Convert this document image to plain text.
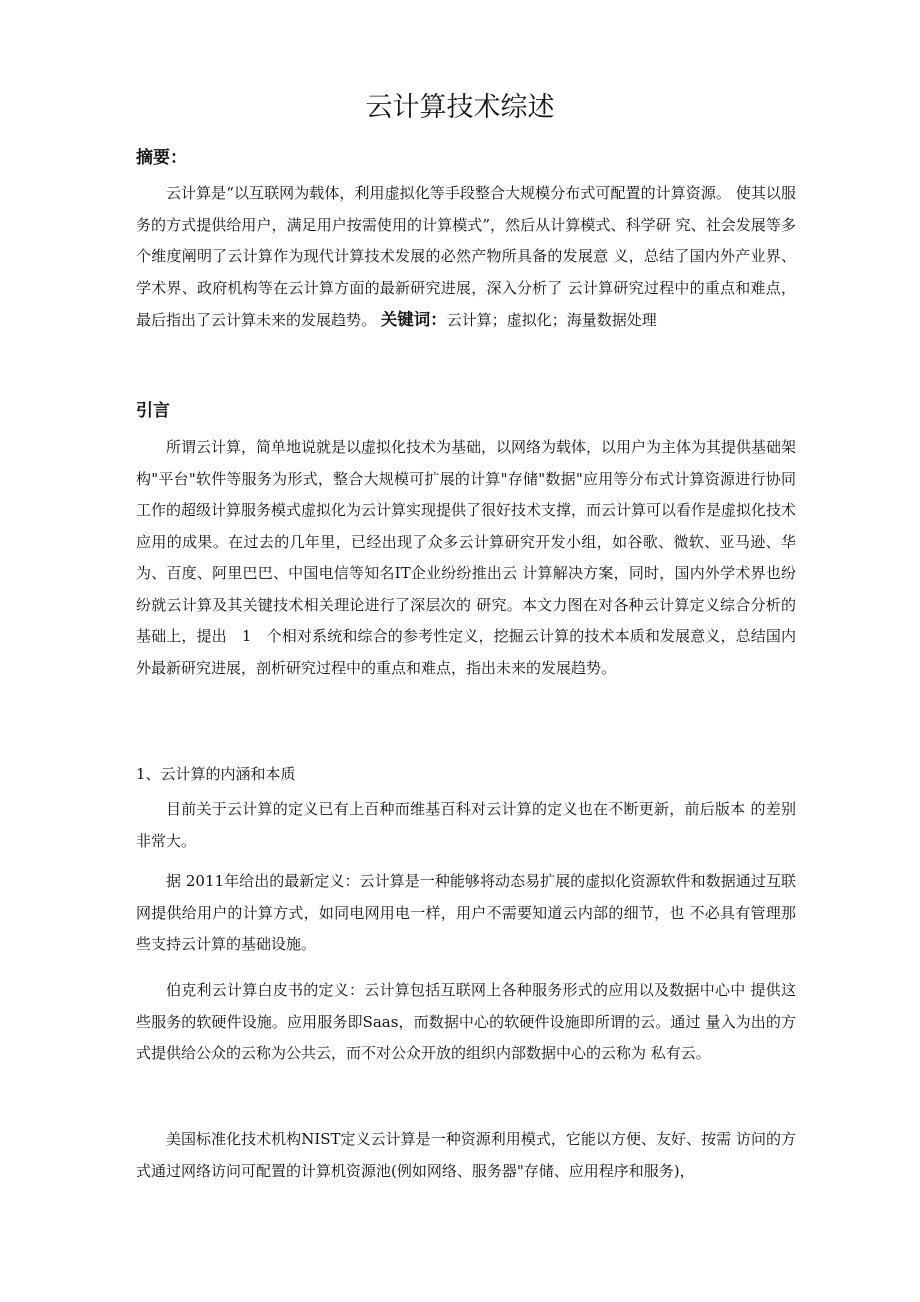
云计算技术综述
摘要：
云计算是“以互联网为载体，利用虚拟化等手段整合大规模分布式可配置的计算资源。 使其以服务的方式提供给用户，满足用户按需使用的计算模式”，然后从计算模式、科学研 究、社会发展等多个维度阐明了云计算作为现代计算技术发展的必然产物所具备的发展意 义，总结了国内外产业界、学术界、政府机构等在云计算方面的最新研究进展，深入分析了 云计算研究过程中的重点和难点，最后指出了云计算未来的发展趋势。 关键词：云计算；虚拟化；海量数据处理
引言
所谓云计算，简单地说就是以虚拟化技术为基础，以网络为载体，以用户为主体为其提供基础架构"平台"软件等服务为形式，整合大规模可扩展的计算"存储"数据"应用等分布式计算资源进行协同工作的超级计算服务模式虚拟化为云计算实现提供了很好技术支撑，而云计算可以看作是虚拟化技术应用的成果。在过去的几年里，已经出现了众多云计算研究开发小组，如谷歌、微软、亚马逊、华为、百度、阿里巴巴、中国电信等知名IT企业纷纷推出云 计算解决方案，同时，国内外学术界也纷纷就云计算及其关键技术相关理论进行了深层次的 研究。本文力图在对各种云计算定义综合分析的基础上，提出　1　个相对系统和综合的参考性定义，挖掘云计算的技术本质和发展意义，总结国内外最新研究进展，剖析研究过程中的重点和难点，指出未来的发展趋势。
1、云计算的内涵和本质
目前关于云计算的定义已有上百种而维基百科对云计算的定义也在不断更新，前后版本 的差别非常大。
据 2011年给出的最新定义：云计算是一种能够将动态易扩展的虚拟化资源软件和数据通过互联网提供给用户的计算方式，如同电网用电一样，用户不需要知道云内部的细节，也 不必具有管理那些支持云计算的基础设施。
伯克利云计算白皮书的定义：云计算包括互联网上各种服务形式的应用以及数据中心中 提供这些服务的软硬件设施。应用服务即Saas，而数据中心的软硬件设施即所谓的云。通过 量入为出的方式提供给公众的云称为公共云，而不对公众开放的组织内部数据中心的云称为 私有云。
美国标准化技术机构NIST定义云计算是一种资源利用模式，它能以方便、友好、按需 访问的方式通过网络访问可配置的计算机资源池(例如网络、服务器"存储、应用程序和服务)，
